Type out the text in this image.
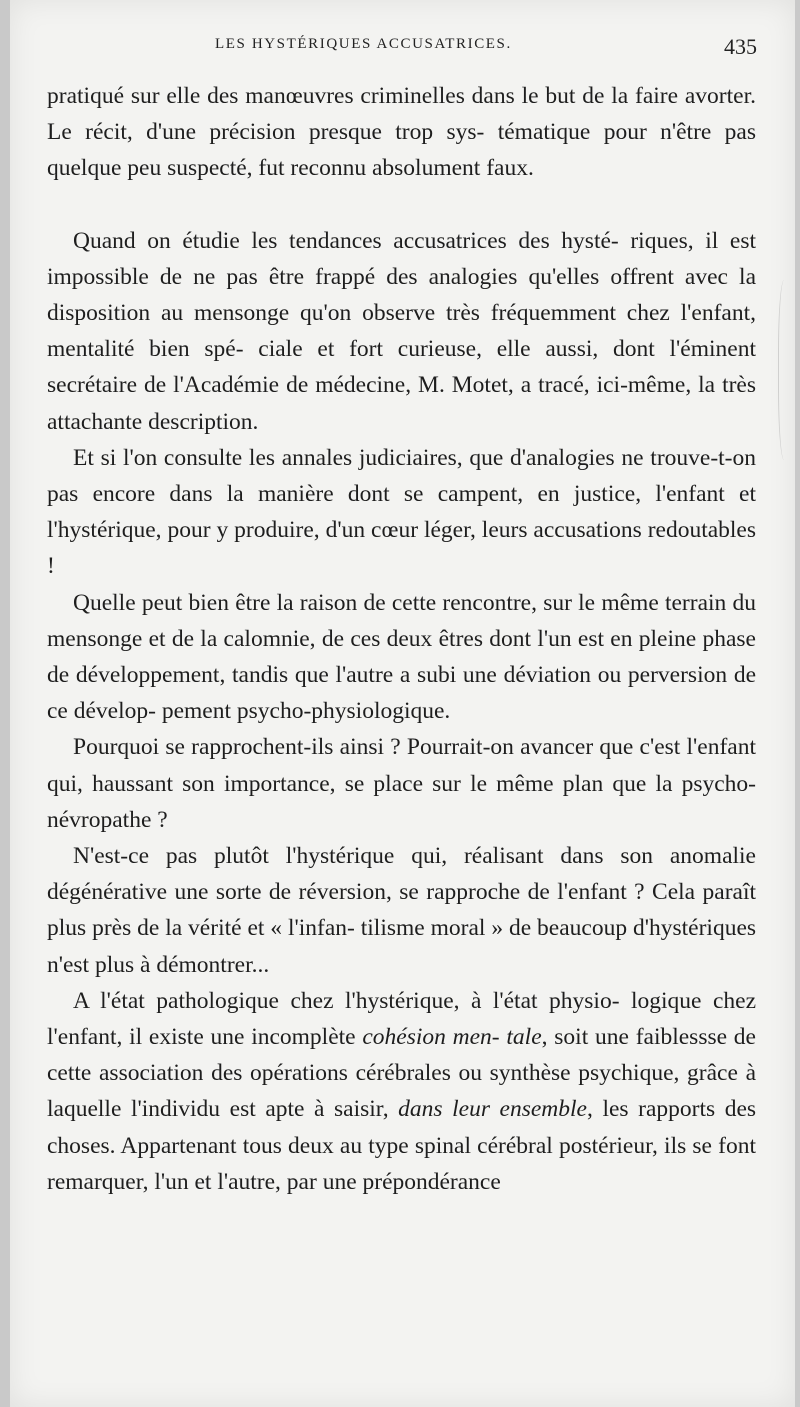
LES HYSTÉRIQUES ACCUSATRICES.	435

pratiqué sur elle des manœuvres criminelles dans le but de la faire avorter. Le récit, d'une précision presque trop sys- tématique pour n'être pas quelque peu suspecté, fut reconnu absolument faux.

Quand on étudie les tendances accusatrices des hysté- riques, il est impossible de ne pas être frappé des analogies qu'elles offrent avec la disposition au mensonge qu'on observe très fréquemment chez l'enfant, mentalité bien spé- ciale et fort curieuse, elle aussi, dont l'éminent secrétaire de l'Académie de médecine, M. Motet, a tracé, ici-même, la très attachante description.

Et si l'on consulte les annales judiciaires, que d'analogies ne trouve-t-on pas encore dans la manière dont se campent, en justice, l'enfant et l'hystérique, pour y produire, d'un cœur léger, leurs accusations redoutables !

Quelle peut bien être la raison de cette rencontre, sur le même terrain du mensonge et de la calomnie, de ces deux êtres dont l'un est en pleine phase de développement, tandis que l'autre a subi une déviation ou perversion de ce dévelop- pement psycho-physiologique.

Pourquoi se rapprochent-ils ainsi ? Pourrait-on avancer que c'est l'enfant qui, haussant son importance, se place sur le même plan que la psycho-névropathe ?

N'est-ce pas plutôt l'hystérique qui, réalisant dans son anomalie dégénérative une sorte de réversion, se rapproche de l'enfant ? Cela paraît plus près de la vérité et « l'infan- tilisme moral » de beaucoup d'hystériques n'est plus à démontrer...

A l'état pathologique chez l'hystérique, à l'état physio- logique chez l'enfant, il existe une incomplète cohésion men- tale, soit une faiblessse de cette association des opérations cérébrales ou synthèse psychique, grâce à laquelle l'individu est apte à saisir, dans leur ensemble, les rapports des choses. Appartenant tous deux au type spinal cérébral postérieur, ils se font remarquer, l'un et l'autre, par une prépondérance
